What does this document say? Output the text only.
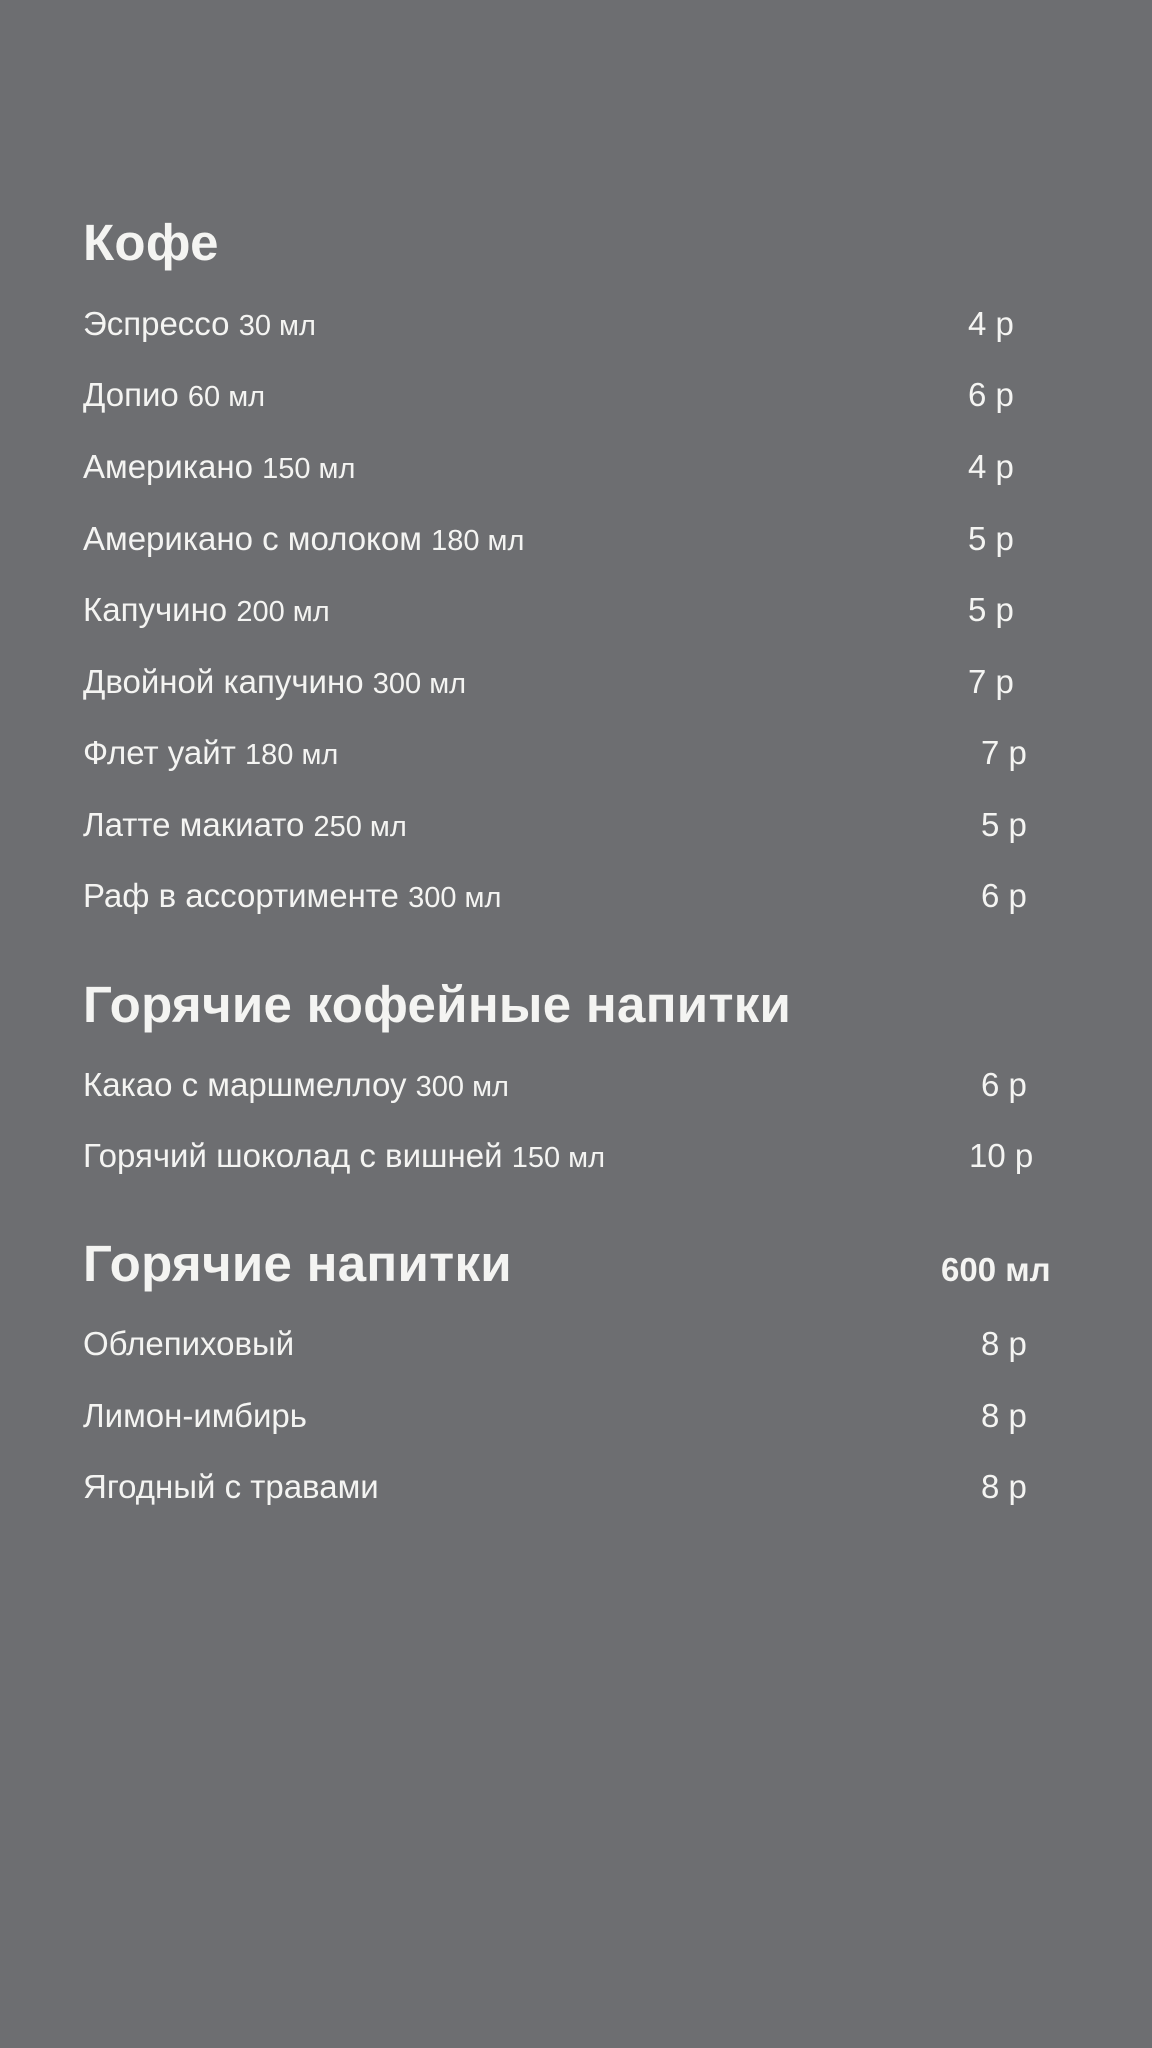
Кофе
Эспрессо 30 мл	4 р
Допио 60 мл	6 р
Американо 150 мл	4 р
Американо с молоком 180 мл	5 р
Капучино 200 мл	5 р
Двойной капучино 300 мл	7 р
Флет уайт 180 мл	7 р
Латте макиато 250 мл	5 р
Раф в ассортименте 300 мл	6 р
Горячие кофейные напитки
Какао с маршмеллоу 300 мл	6 р
Горячий шоколад с вишней 150 мл	10 р
Горячие напитки	600 мл
Облепиховый	8 р
Лимон-имбирь	8 р
Ягодный с травами	8 р
